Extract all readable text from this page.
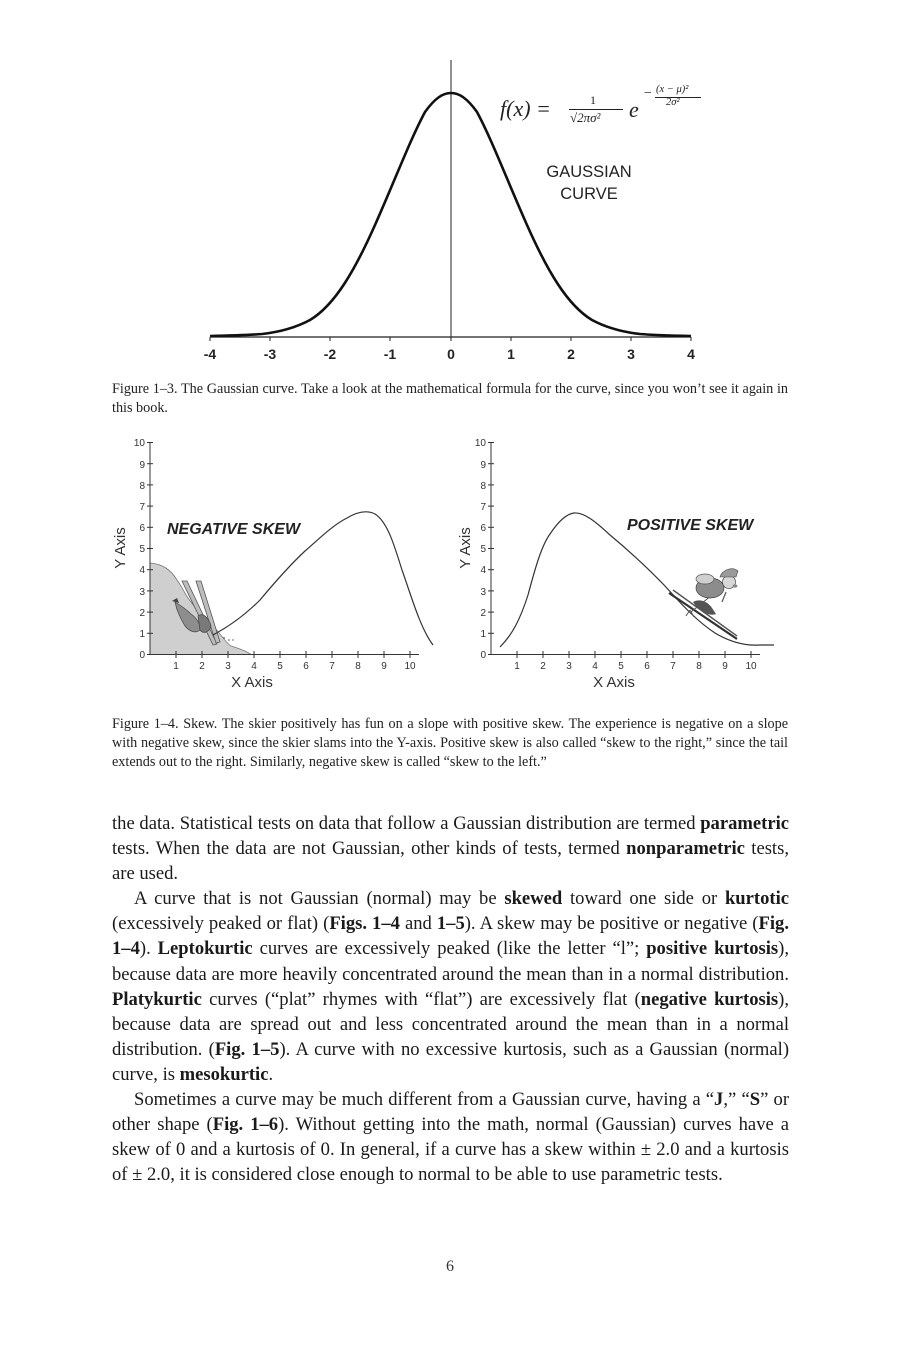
-4	-3	-2	-1	0	1	2	3	4
GAUSSIAN
CURVE
f(x) =	1
√2πσ² e
− (x − μ)²
2σ²
Figure 1–3. The Gaussian curve. Take a look at the mathematical formula for the curve, since you won’t see it again in this book.
0
1
2
3
4
5
6
7
8
9
10
1 2 3 4 5 6 7 8 9 10
NEGATIVE SKEW
X Axis
Y Axis
0
1
2
3
4
5
6
7
8
9
10
1 2 3 4 5 6 7 8 9 10
POSITIVE SKEW
X Axis
Y Axis
Figure 1–4. Skew. The skier positively has fun on a slope with positive skew. The experience is negative on a slope with negative skew, since the skier slams into the Y-axis. Positive skew is also called “skew to the right,” since the tail extends out to the right. Similarly, negative skew is called “skew to the left.”

the data. Statistical tests on data that follow a Gaussian distribution are termed parametric tests. When the data are not Gaussian, other kinds of tests, termed nonparametric tests, are used.

A curve that is not Gaussian (normal) may be skewed toward one side or kurtotic (excessively peaked or flat) (Figs. 1–4 and 1–5). A skew may be positive or negative (Fig. 1–4). Leptokurtic curves are excessively peaked (like the letter “l”; positive kurtosis), because data are more heavily concentrated around the mean than in a normal distribution. Platykurtic curves (“plat” rhymes with “flat”) are excessively flat (negative kurtosis), because data are spread out and less concentrated around the mean than in a normal distribution. (Fig. 1–5). A curve with no excessive kurtosis, such as a Gaussian (normal) curve, is mesokurtic.

Sometimes a curve may be much different from a Gaussian curve, having a “J,” “S” or other shape (Fig. 1–6). Without getting into the math, normal (Gaussian) curves have a skew of 0 and a kurtosis of 0. In general, if a curve has a skew within ± 2.0 and a kurtosis of ± 2.0, it is considered close enough to normal to be able to use parametric tests.

6
